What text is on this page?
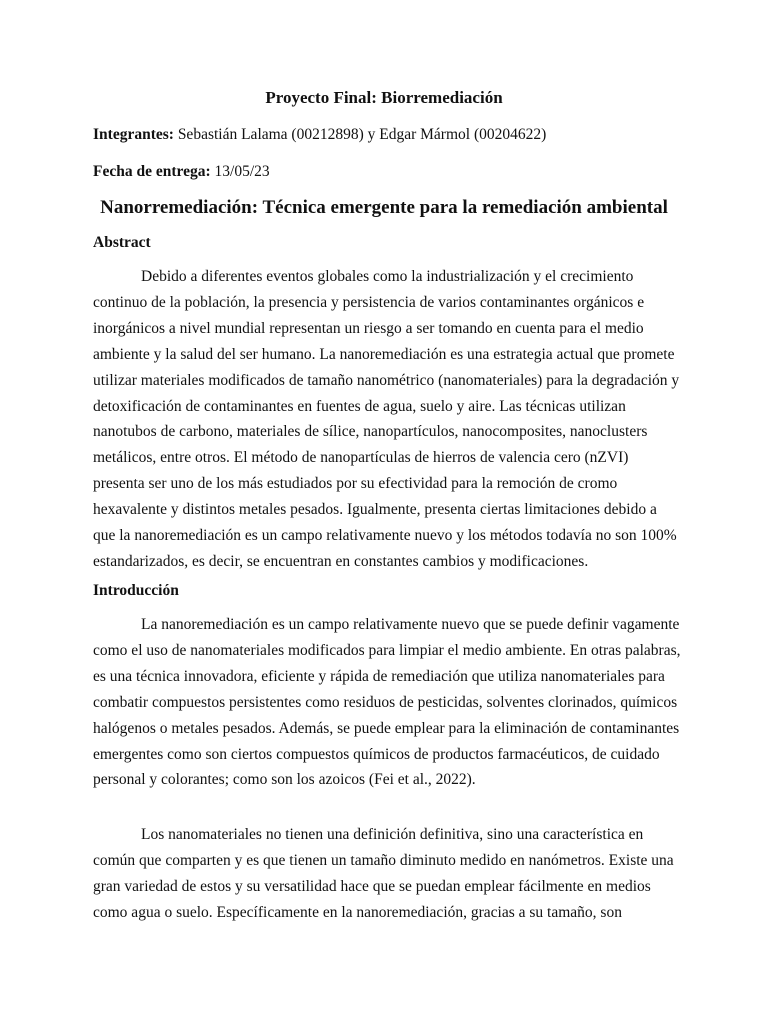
Proyecto Final: Biorremediación
Integrantes: Sebastián Lalama (00212898) y Edgar Mármol (00204622)
Fecha de entrega: 13/05/23
Nanorremediación: Técnica emergente para la remediación ambiental
Abstract

Debido a diferentes eventos globales como la industrialización y el crecimiento continuo de la población, la presencia y persistencia de varios contaminantes orgánicos e inorgánicos a nivel mundial representan un riesgo a ser tomando en cuenta para el medio ambiente y la salud del ser humano. La nanoremediación es una estrategia actual que promete utilizar materiales modificados de tamaño nanométrico (nanomateriales) para la degradación y detoxificación de contaminantes en fuentes de agua, suelo y aire. Las técnicas utilizan nanotubos de carbono, materiales de sílice, nanopartículos, nanocomposites, nanoclusters metálicos, entre otros. El método de nanopartículas de hierros de valencia cero (nZVI) presenta ser uno de los más estudiados por su efectividad para la remoción de cromo hexavalente y distintos metales pesados. Igualmente, presenta ciertas limitaciones debido a que la nanoremediación es un campo relativamente nuevo y los métodos todavía no son 100% estandarizados, es decir, se encuentran en constantes cambios y modificaciones.

Introducción

La nanoremediación es un campo relativamente nuevo que se puede definir vagamente como el uso de nanomateriales modificados para limpiar el medio ambiente. En otras palabras, es una técnica innovadora, eficiente y rápida de remediación que utiliza nanomateriales para combatir compuestos persistentes como residuos de pesticidas, solventes clorinados, químicos halógenos o metales pesados. Además, se puede emplear para la eliminación de contaminantes emergentes como son ciertos compuestos químicos de productos farmacéuticos, de cuidado personal y colorantes; como son los azoicos (Fei et al., 2022).

Los nanomateriales no tienen una definición definitiva, sino una característica en común que comparten y es que tienen un tamaño diminuto medido en nanómetros. Existe una gran variedad de estos y su versatilidad hace que se puedan emplear fácilmente en medios como agua o suelo. Específicamente en la nanoremediación, gracias a su tamaño, son
